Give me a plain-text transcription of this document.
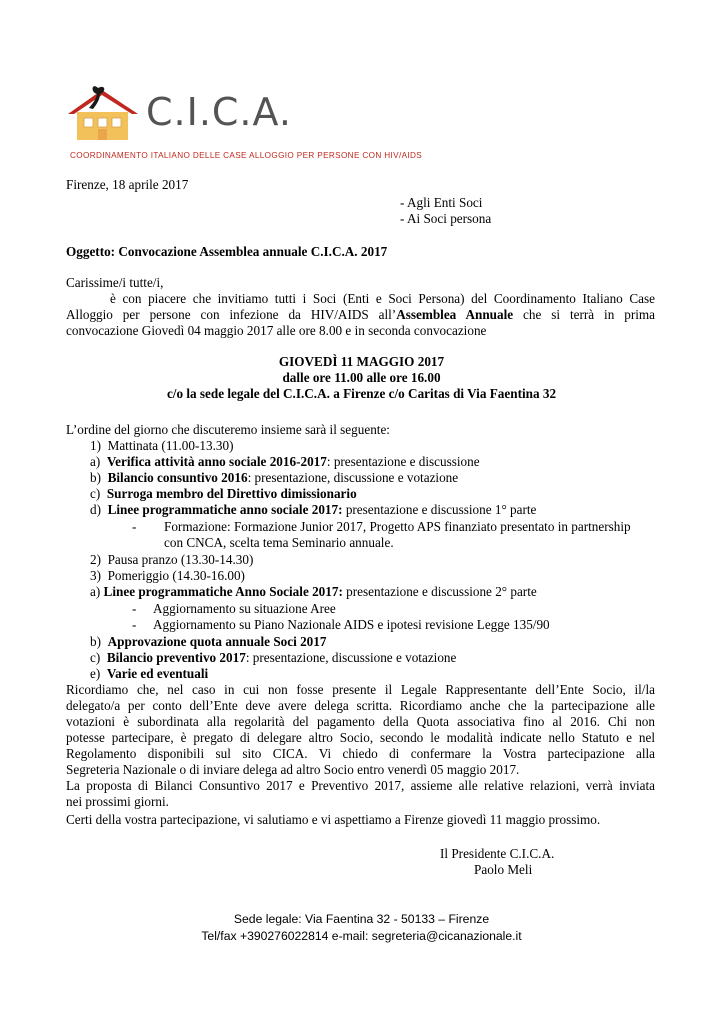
C.I.C.A.
COORDINAMENTO ITALIANO DELLE CASE ALLOGGIO PER PERSONE CON HIV/AIDS
Firenze, 18 aprile 2017
- Agli Enti Soci
- Ai Soci persona
Oggetto: Convocazione Assemblea annuale C.I.C.A. 2017
Carissime/i tutte/i,
è con piacere che invitiamo tutti i Soci (Enti e Soci Persona) del Coordinamento Italiano Case
Alloggio per persone con infezione da HIV/AIDS all’Assemblea Annuale che si terrà in prima
convocazione Giovedì 04 maggio 2017 alle ore 8.00 e in seconda convocazione
GIOVEDÌ 11 MAGGIO 2017
dalle ore 11.00 alle ore 16.00
c/o la sede legale del C.I.C.A. a Firenze c/o Caritas di Via Faentina 32
L’ordine del giorno che discuteremo insieme sarà il seguente:
1) Mattinata (11.00-13.30)
a) Verifica attività anno sociale 2016-2017: presentazione e discussione
b) Bilancio consuntivo 2016: presentazione, discussione e votazione
c) Surroga membro del Direttivo dimissionario
d) Linee programmatiche anno sociale 2017: presentazione e discussione 1° parte
- Formazione: Formazione Junior 2017, Progetto APS finanziato presentato in partnership
con CNCA, scelta tema Seminario annuale.
2) Pausa pranzo (13.30-14.30)
3) Pomeriggio (14.30-16.00)
a) Linee programmatiche Anno Sociale 2017: presentazione e discussione 2° parte
- Aggiornamento su situazione Aree
- Aggiornamento su Piano Nazionale AIDS e ipotesi revisione Legge 135/90
b) Approvazione quota annuale Soci 2017
c) Bilancio preventivo 2017: presentazione, discussione e votazione
e) Varie ed eventuali
Ricordiamo che, nel caso in cui non fosse presente il Legale Rappresentante dell’Ente Socio, il/la
delegato/a per conto dell’Ente deve avere delega scritta. Ricordiamo anche che la partecipazione alle
votazioni è subordinata alla regolarità del pagamento della Quota associativa fino al 2016. Chi non
potesse partecipare, è pregato di delegare altro Socio, secondo le modalità indicate nello Statuto e nel
Regolamento disponibili sul sito CICA. Vi chiedo di confermare la Vostra partecipazione alla
Segreteria Nazionale o di inviare delega ad altro Socio entro venerdì 05 maggio 2017.
La proposta di Bilanci Consuntivo 2017 e Preventivo 2017, assieme alle relative relazioni, verrà inviata
nei prossimi giorni.
Certi della vostra partecipazione, vi salutiamo e vi aspettiamo a Firenze giovedì 11 maggio prossimo.
Il Presidente C.I.C.A.
Paolo Meli
Sede legale: Via Faentina 32 - 50133 – Firenze
Tel/fax +390276022814 e-mail: segreteria@cicanazionale.it
